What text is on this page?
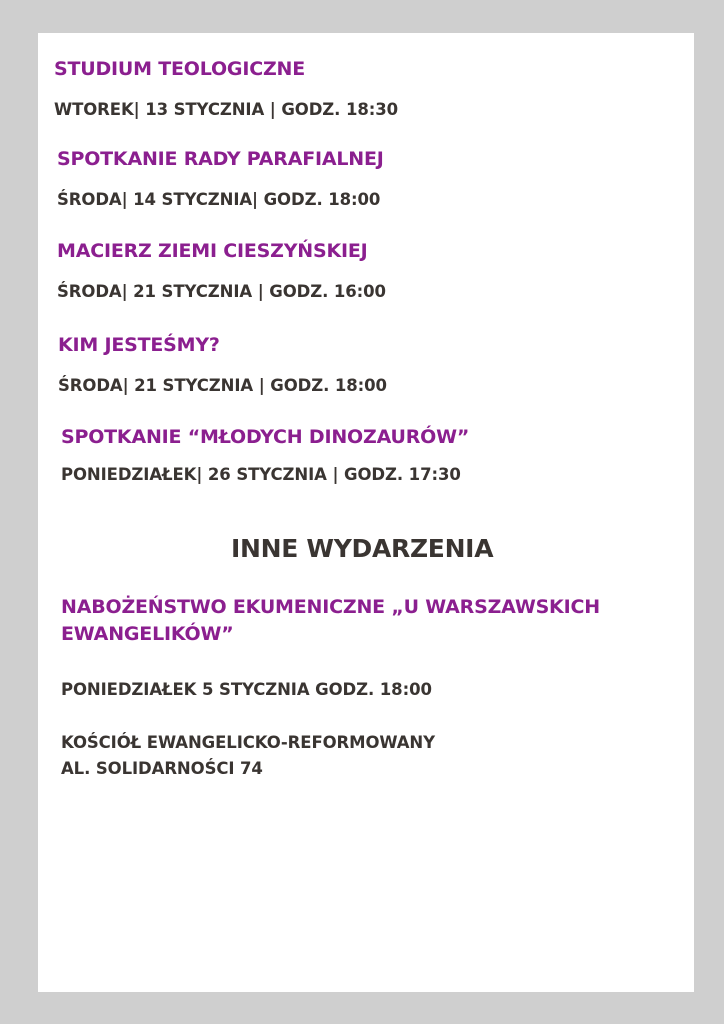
STUDIUM TEOLOGICZNE

WTOREK| 13 STYCZNIA | GODZ. 18:30

SPOTKANIE RADY PARAFIALNEJ

ŚRODA| 14 STYCZNIA| GODZ. 18:00

MACIERZ ZIEMI CIESZYŃSKIEJ

ŚRODA| 21 STYCZNIA | GODZ. 16:00

KIM JESTEŚMY?

ŚRODA| 21 STYCZNIA | GODZ. 18:00

SPOTKANIE “MŁODYCH DINOZAURÓW”

PONIEDZIAŁEK| 26 STYCZNIA | GODZ. 17:30

INNE WYDARZENIA
NABOŻEŃSTWO EKUMENICZNE „U WARSZAWSKICH EWANGELIKÓW”

PONIEDZIAŁEK 5 STYCZNIA GODZ. 18:00

KOŚCIÓŁ EWANGELICKO-REFORMOWANY
AL. SOLIDARNOŚCI 74
